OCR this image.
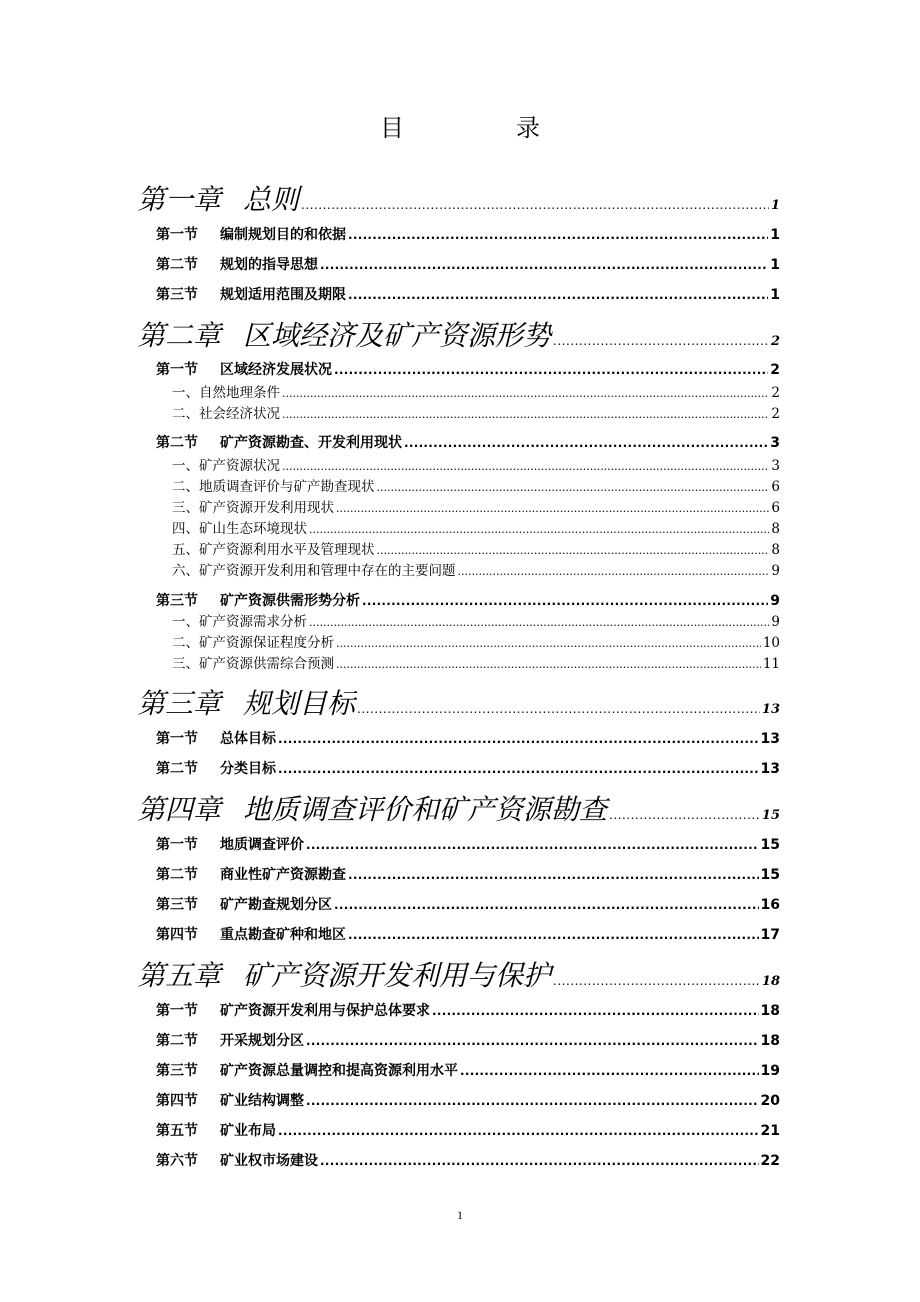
目　录
第一章 总则 .....	1
第一节 编制规划目的和依据 .....	1
第二节 规划的指导思想 .....	1
第三节 规划适用范围及期限 .....	1
第二章 区域经济及矿产资源形势 .....	2
第一节 区域经济发展状况 .....	2
一、自然地理条件 .....	2
二、社会经济状况 .....	2
第二节 矿产资源勘查、开发利用现状 .....	3
一、矿产资源状况 .....	3
二、地质调查评价与矿产勘查现状 .....	6
三、矿产资源开发利用现状 .....	6
四、矿山生态环境现状 .....	8
五、矿产资源利用水平及管理现状 .....	8
六、矿产资源开发利用和管理中存在的主要问题 .....	9
第三节 矿产资源供需形势分析 .....	9
一、矿产资源需求分析 .....	9
二、矿产资源保证程度分析 .....	10
三、矿产资源供需综合预测 .....	11
第三章 规划目标 .....	13
第一节 总体目标 .....	13
第二节 分类目标 .....	13
第四章 地质调查评价和矿产资源勘查 .....	15
第一节 地质调查评价 .....	15
第二节 商业性矿产资源勘查 .....	15
第三节 矿产勘查规划分区 .....	16
第四节 重点勘查矿种和地区 .....	17
第五章 矿产资源开发利用与保护 .....	18
第一节 矿产资源开发利用与保护总体要求 .....	18
第二节 开采规划分区 .....	18
第三节 矿产资源总量调控和提高资源利用水平 .....	19
第四节 矿业结构调整 .....	20
第五节 矿业布局 .....	21
第六节 矿业权市场建设 .....	22
1
